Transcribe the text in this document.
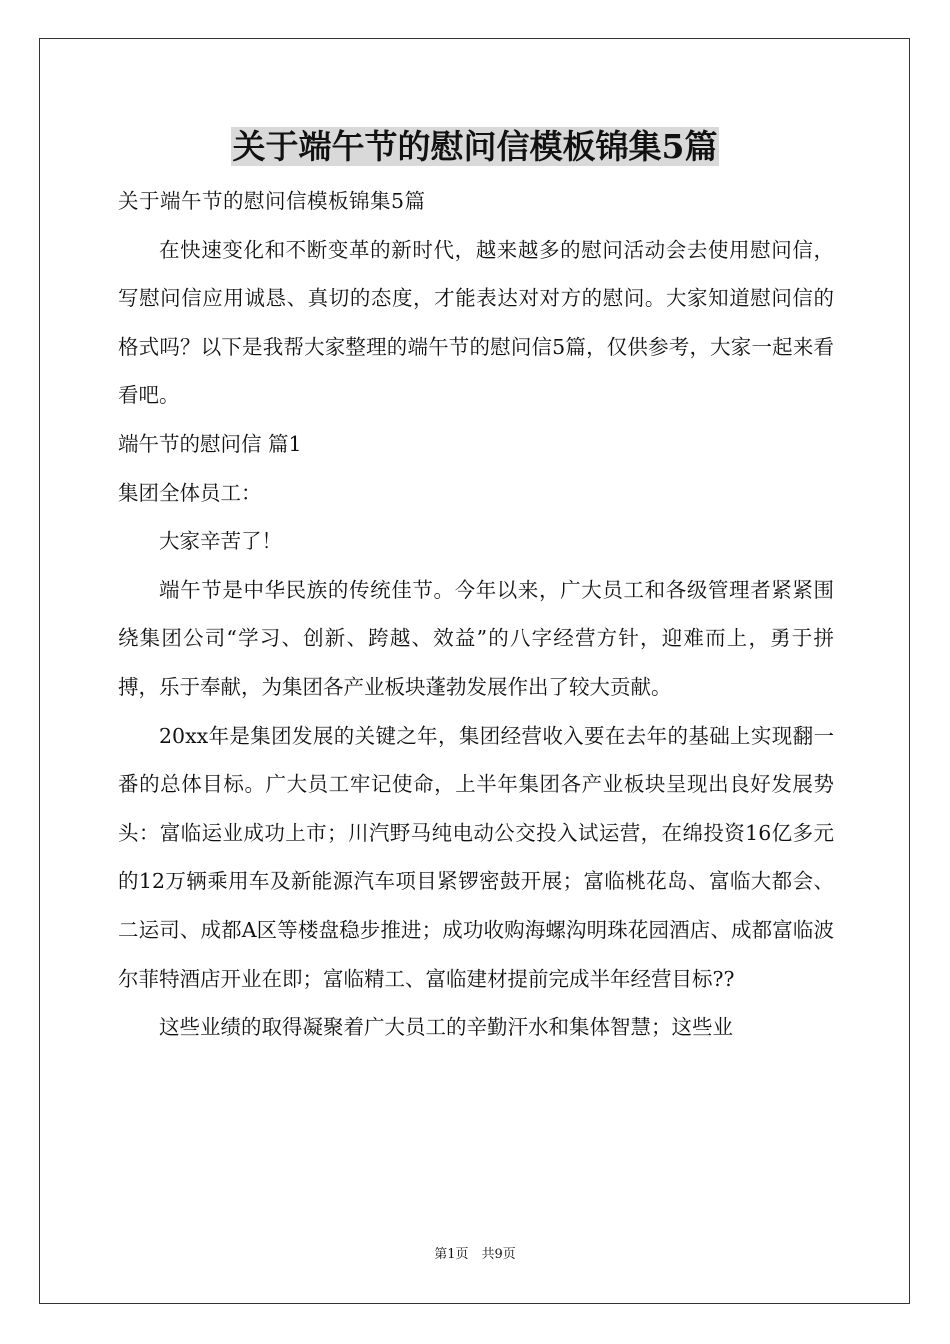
关于端午节的慰问信模板锦集5篇

关于端午节的慰问信模板锦集5篇

在快速变化和不断变革的新时代，越来越多的慰问活动会去使用慰问信，写慰问信应用诚恳、真切的态度，才能表达对对方的慰问。大家知道慰问信的格式吗？以下是我帮大家整理的端午节的慰问信5篇，仅供参考，大家一起来看看吧。

端午节的慰问信 篇1

集团全体员工：

大家辛苦了！

端午节是中华民族的传统佳节。今年以来，广大员工和各级管理者紧紧围绕集团公司“学习、创新、跨越、效益”的八字经营方针，迎难而上，勇于拼搏，乐于奉献，为集团各产业板块蓬勃发展作出了较大贡献。

20xx年是集团发展的关键之年，集团经营收入要在去年的基础上实现翻一番的总体目标。广大员工牢记使命，上半年集团各产业板块呈现出良好发展势头：富临运业成功上市；川汽野马纯电动公交投入试运营，在绵投资16亿多元的12万辆乘用车及新能源汽车项目紧锣密鼓开展；富临桃花岛、富临大都会、二运司、成都A区等楼盘稳步推进；成功收购海螺沟明珠花园酒店、成都富临波尔菲特酒店开业在即；富临精工、富临建材提前完成半年经营目标??

这些业绩的取得凝聚着广大员工的辛勤汗水和集体智慧；这些业

第1页　共9页
